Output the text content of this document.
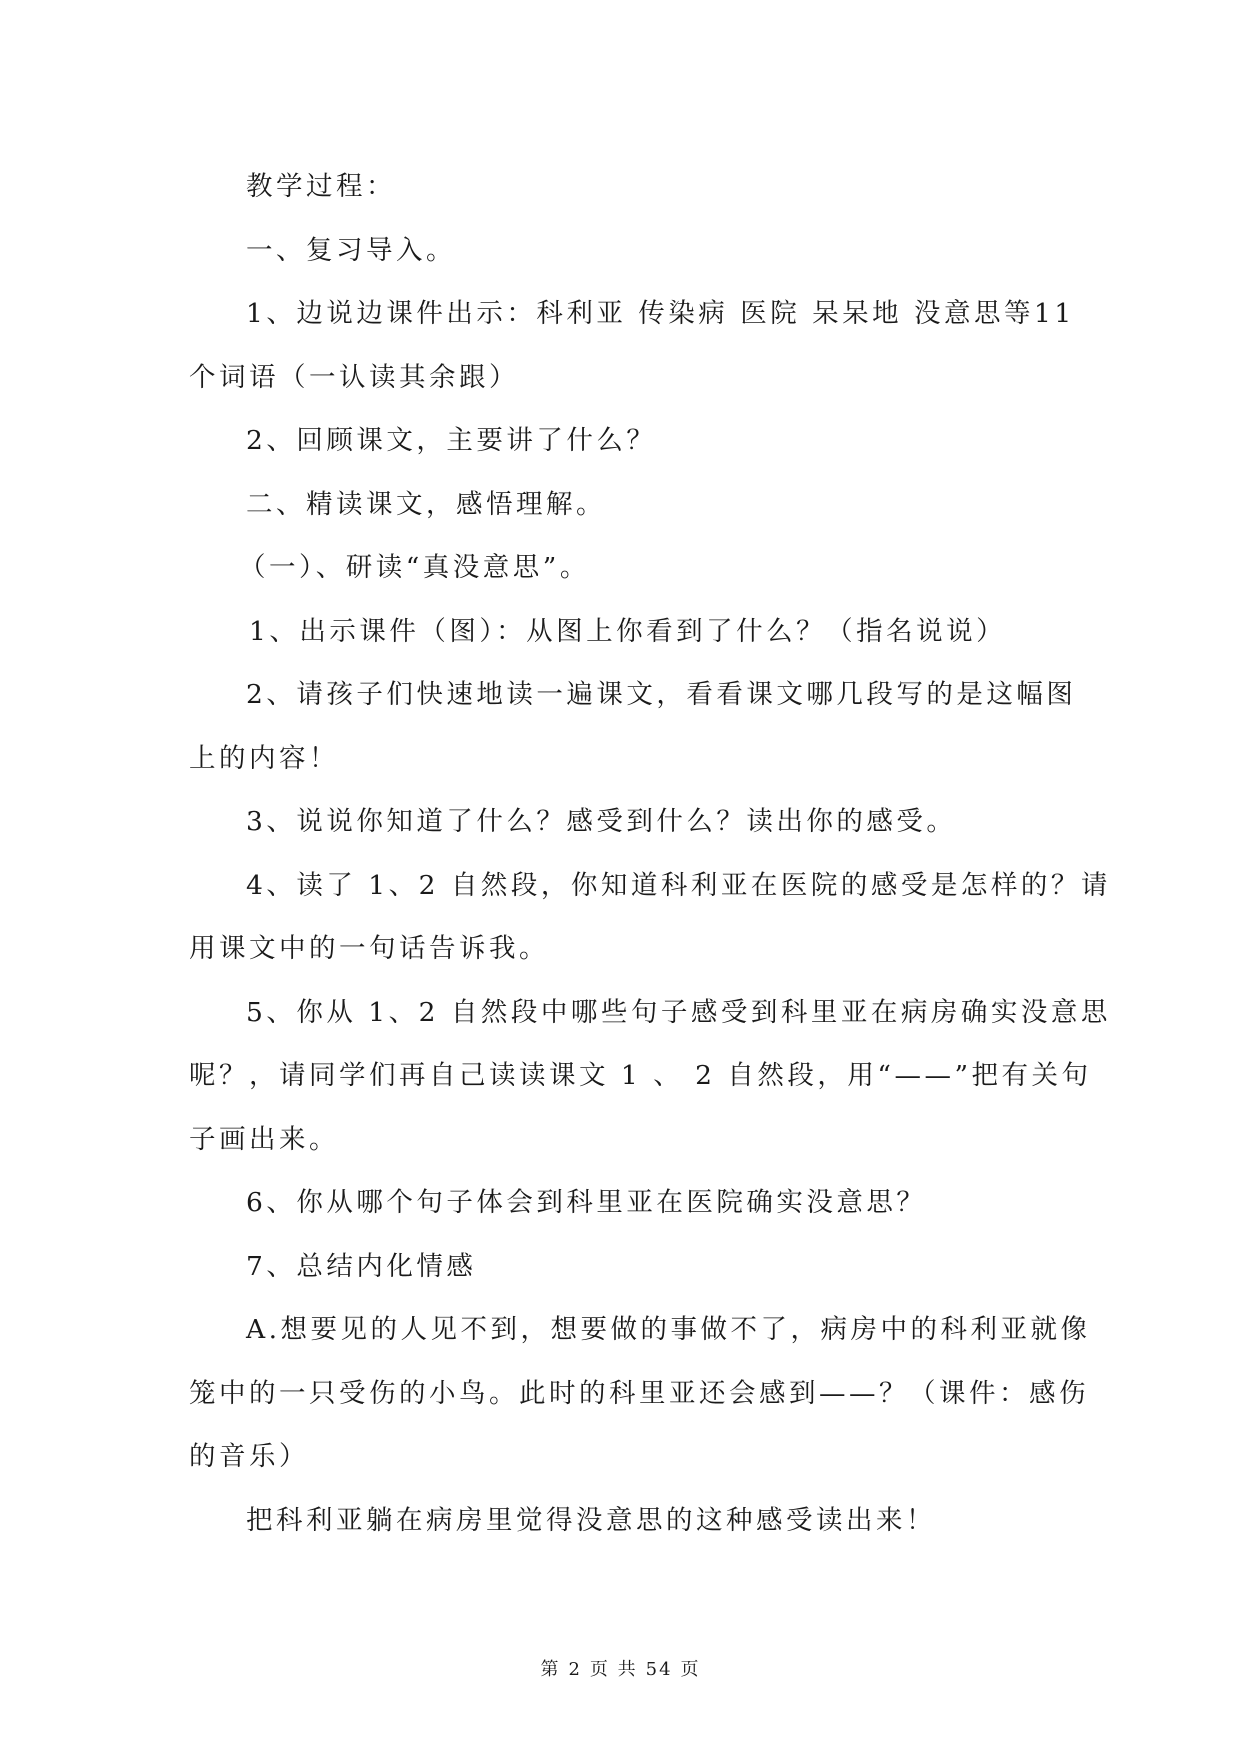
教学过程：

一、复习导入。

1、边说边课件出示：科利亚 传染病 医院 呆呆地 没意思等11

个词语（一认读其余跟）

2、回顾课文，主要讲了什么？

二、精读课文，感悟理解。

（一）、研读“真没意思”。

1、出示课件（图）：从图上你看到了什么？（指名说说）

2、请孩子们快速地读一遍课文，看看课文哪几段写的是这幅图

上的内容！

3、说说你知道了什么？感受到什么？读出你的感受。

4、读了 1、2 自然段，你知道科利亚在医院的感受是怎样的？请

用课文中的一句话告诉我。

5、你从 1、2 自然段中哪些句子感受到科里亚在病房确实没意思

呢？，请同学们再自己读读课文 1 、 2 自然段，用“——”把有关句

子画出来。

6、你从哪个句子体会到科里亚在医院确实没意思？

7、总结内化情感

A.想要见的人见不到，想要做的事做不了，病房中的科利亚就像

笼中的一只受伤的小鸟。此时的科里亚还会感到——？（课件：感伤

的音乐）

把科利亚躺在病房里觉得没意思的这种感受读出来！

第 2 页 共 54 页
